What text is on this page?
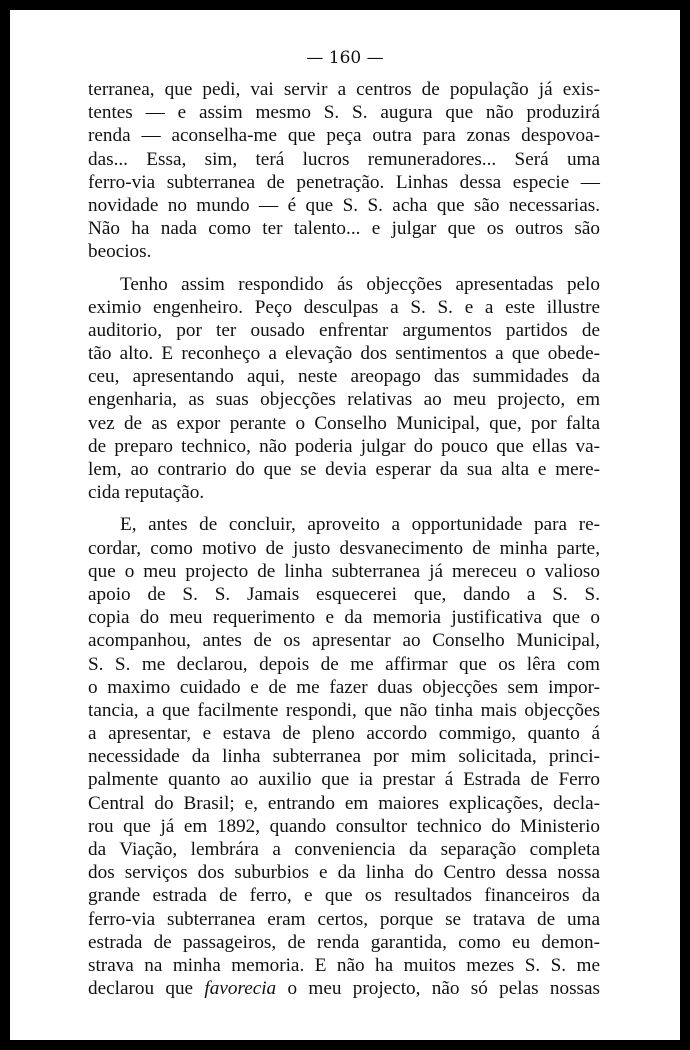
— 160 —
terranea, que pedi, vai servir a centros de população já exis-
tentes — e assim mesmo S. S. augura que não produzirá
renda — aconselha-me que peça outra para zonas despovoa-
das... Essa, sim, terá lucros remuneradores... Será uma
ferro-via subterranea de penetração. Linhas dessa especie —
novidade no mundo — é que S. S. acha que são necessarias.
Não ha nada como ter talento... e julgar que os outros são
beocios.
Tenho assim respondido ás objecções apresentadas pelo
eximio engenheiro. Peço desculpas a S. S. e a este illustre
auditorio, por ter ousado enfrentar argumentos partidos de
tão alto. E reconheço a elevação dos sentimentos a que obede-
ceu, apresentando aqui, neste areopago das summidades da
engenharia, as suas objecções relativas ao meu projecto, em
vez de as expor perante o Conselho Municipal, que, por falta
de preparo technico, não poderia julgar do pouco que ellas va-
lem, ao contrario do que se devia esperar da sua alta e mere-
cida reputação.
E, antes de concluir, aproveito a opportunidade para re-
cordar, como motivo de justo desvanecimento de minha parte,
que o meu projecto de linha subterranea já mereceu o valioso
apoio de S. S. Jamais esquecerei que, dando a S. S.
copia do meu requerimento e da memoria justificativa que o
acompanhou, antes de os apresentar ao Conselho Municipal,
S. S. me declarou, depois de me affirmar que os lêra com
o maximo cuidado e de me fazer duas objecções sem impor-
tancia, a que facilmente respondi, que não tinha mais objecções
a apresentar, e estava de pleno accordo commigo, quanto á
necessidade da linha subterranea por mim solicitada, princi-
palmente quanto ao auxilio que ia prestar á Estrada de Ferro
Central do Brasil; e, entrando em maiores explicações, decla-
rou que já em 1892, quando consultor technico do Ministerio
da Viação, lembrára a conveniencia da separação completa
dos serviços dos suburbios e da linha do Centro dessa nossa
grande estrada de ferro, e que os resultados financeiros da
ferro-via subterranea eram certos, porque se tratava de uma
estrada de passageiros, de renda garantida, como eu demon-
strava na minha memoria. E não ha muitos mezes S. S. me
declarou que favorecia o meu projecto, não só pelas nossas
